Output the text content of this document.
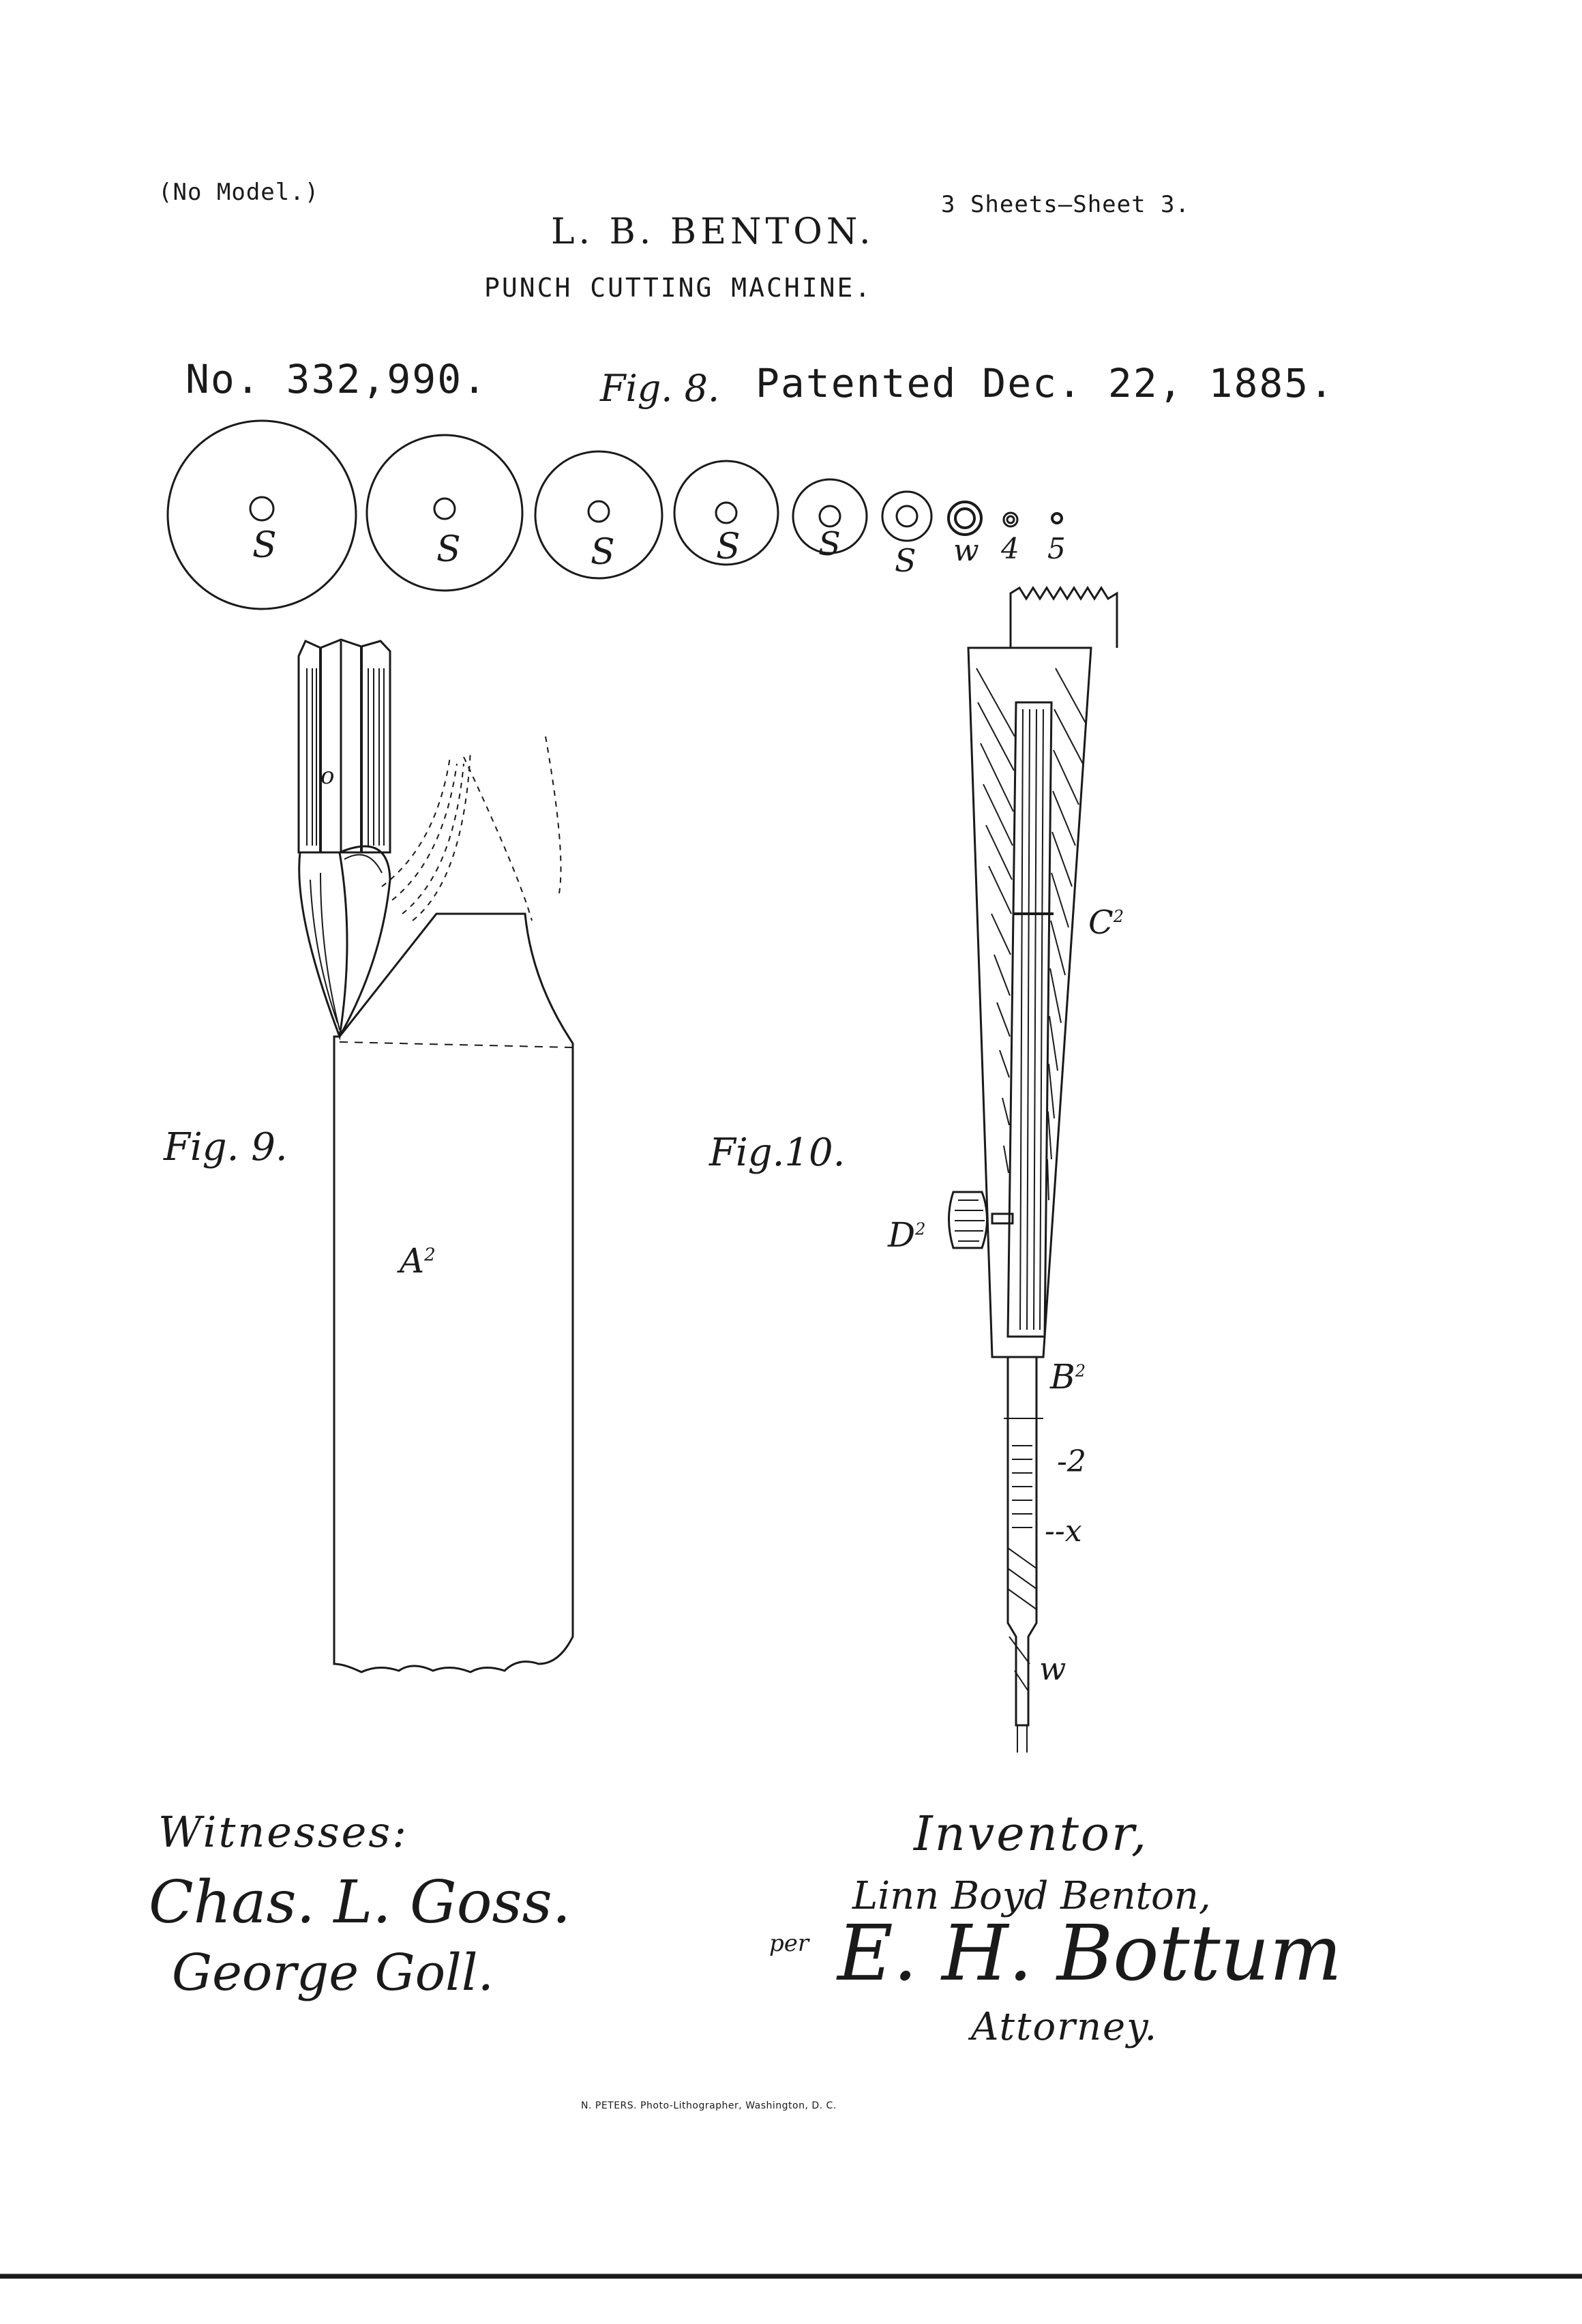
(No Model.)
L. B. BENTON.
3 Sheets—Sheet 3.
PUNCH CUTTING MACHINE.
No. 332,990.	Patented Dec. 22, 1885.
Fig. 8.
Fig. 9.	Fig.10.
S	S	S	S S S w 4 5
o
$A^2$
$C^2$
$D^2$
$B^2$
-2
--x
w
Witnesses:
Chas. L. Goss.
George Goll.
Inventor,
Linn Boyd Benton,
per E. H. Bottum
Attorney.
N. PETERS. Photo-Lithographer, Washington, D. C.
